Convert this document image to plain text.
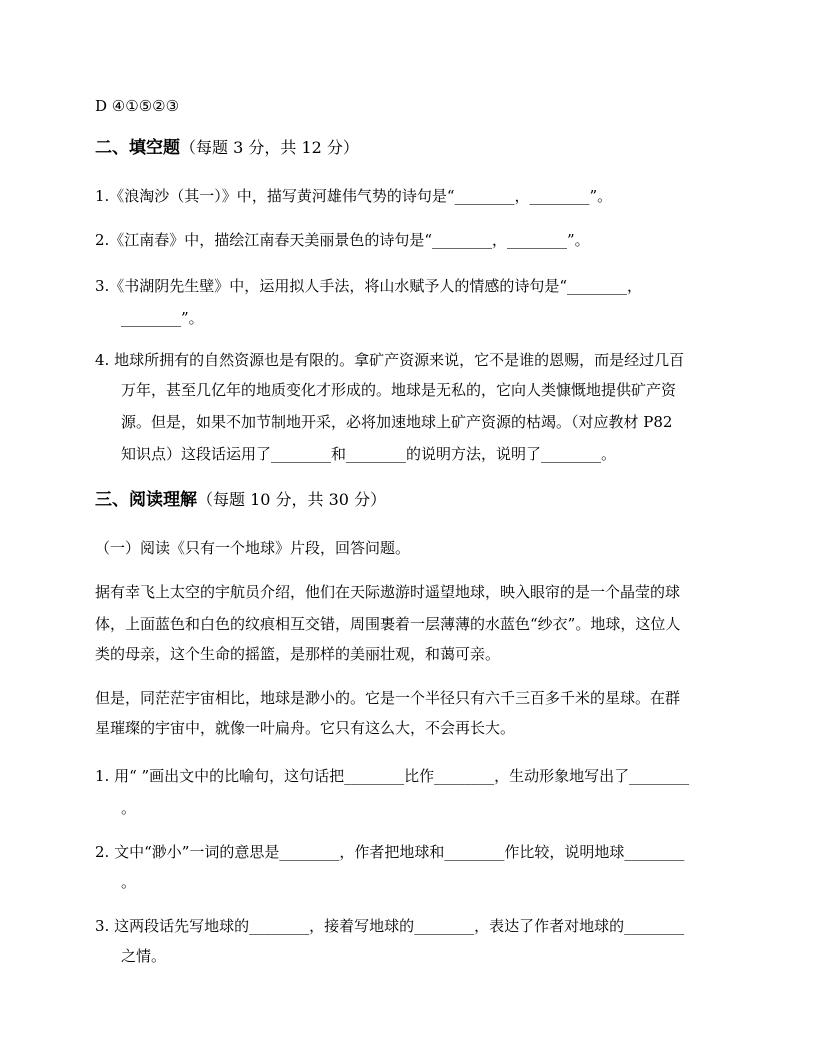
D ④①⑤②③
二、填空题（每题 3 分，共 12 分）
1.《浪淘沙（其一）》中，描写黄河雄伟气势的诗句是“________，________”。
2.《江南春》中，描绘江南春天美丽景色的诗句是“________，________”。
3.《书湖阴先生壁》中，运用拟人手法，将山水赋予人的情感的诗句是“________，
________”。
4. 地球所拥有的自然资源也是有限的。拿矿产资源来说，它不是谁的恩赐，而是经过几百
万年，甚至几亿年的地质变化才形成的。地球是无私的，它向人类慷慨地提供矿产资
源。但是，如果不加节制地开采，必将加速地球上矿产资源的枯竭。（对应教材 P82
知识点）这段话运用了________和________的说明方法，说明了________。
三、阅读理解（每题 10 分，共 30 分）
（一）阅读《只有一个地球》片段，回答问题。
据有幸飞上太空的宇航员介绍，他们在天际遨游时遥望地球，映入眼帘的是一个晶莹的球
体，上面蓝色和白色的纹痕相互交错，周围裹着一层薄薄的水蓝色“纱衣”。地球，这位人
类的母亲，这个生命的摇篮，是那样的美丽壮观，和蔼可亲。
但是，同茫茫宇宙相比，地球是渺小的。它是一个半径只有六千三百多千米的星球。在群
星璀璨的宇宙中，就像一叶扁舟。它只有这么大，不会再长大。
1. 用“ ”画出文中的比喻句，这句话把________比作________，生动形象地写出了________
。
2. 文中“渺小”一词的意思是________，作者把地球和________作比较，说明地球________
。
3. 这两段话先写地球的________，接着写地球的________，表达了作者对地球的________
之情。
